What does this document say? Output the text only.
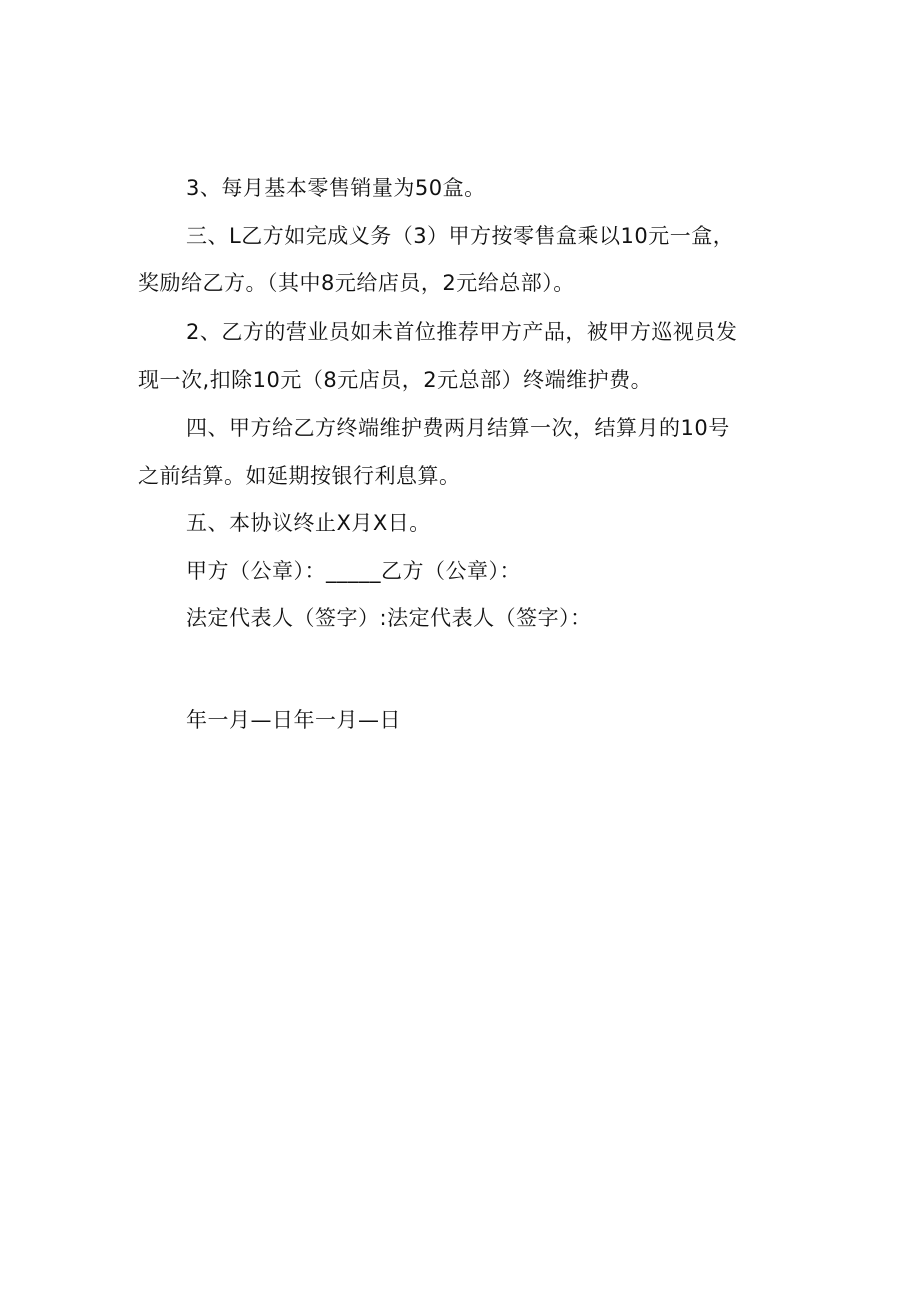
3、每月基本零售销量为50盒。
三、L乙方如完成义务（3）甲方按零售盒乘以10元一盒，
奖励给乙方。（其中8元给店员，2元给总部）。
2、乙方的营业员如未首位推荐甲方产品，被甲方巡视员发
现一次,扣除10元（8元店员，2元总部）终端维护费。
四、甲方给乙方终端维护费两月结算一次，结算月的10号
之前结算。如延期按银行利息算。
五、本协议终止X月X日。
甲方（公章）：_____乙方（公章）：
法定代表人（签字）:法定代表人（签字）：
年一月—日年一月—日
